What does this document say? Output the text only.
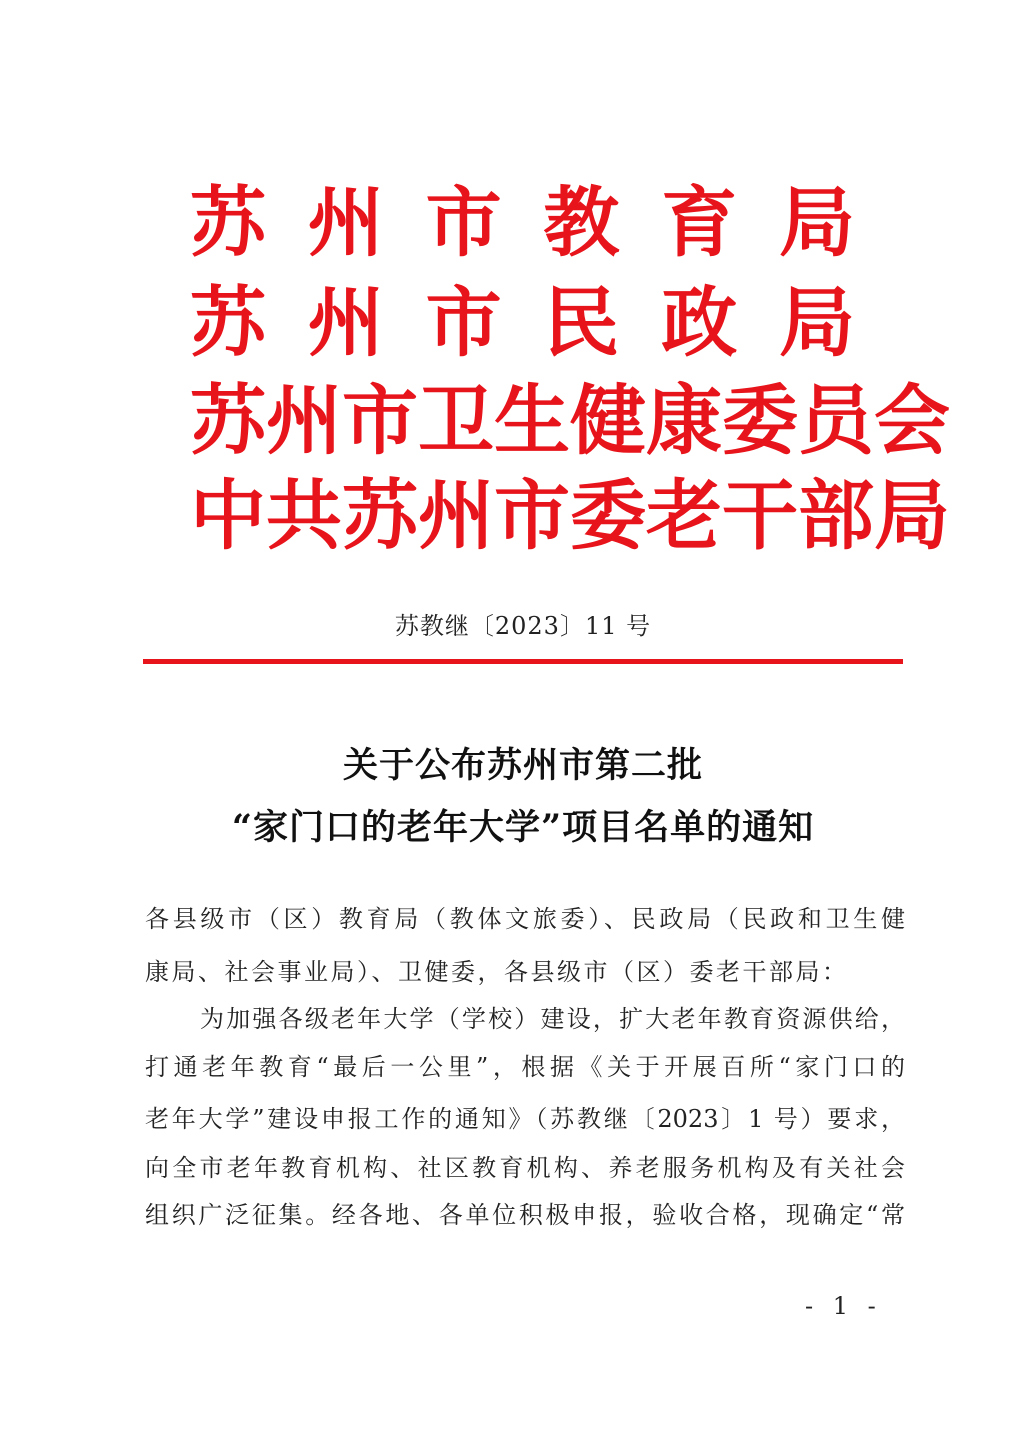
苏 州 市 教 育 局
苏 州 市 民 政 局
苏 州 市 卫 生 健 康 委 员 会
中 共 苏 州 市 委 老 干 部 局
苏教继〔2023〕11 号
关于公布苏州市第二批
“家门口的老年大学”项目名单的通知
各县级市（区）教育局（教体文旅委）、民政局（民政和卫生健
康局、社会事业局）、卫健委，各县级市（区）委老干部局：
为加强各级老年大学（学校）建设，扩大老年教育资源供给，
打通老年教育“最后一公里”，根据《关于开展百所“家门口的
老年大学”建设申报工作的通知》（苏教继〔2023〕1 号）要求，
向全市老年教育机构、社区教育机构、养老服务机构及有关社会
组织广泛征集。经各地、各单位积极申报，验收合格，现确定“常
- 1 -
